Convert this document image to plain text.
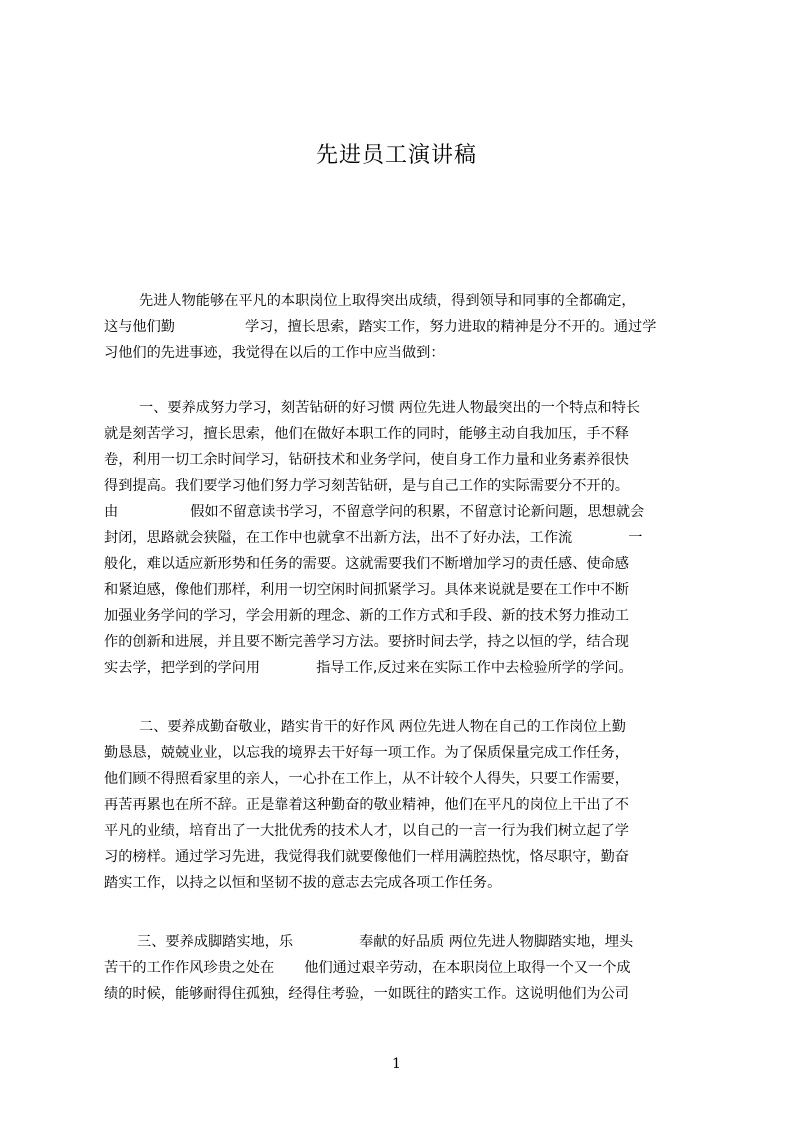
先进员工演讲稿
先进人物能够在平凡的本职岗位上取得突出成绩，得到领导和同事的全都确定，
这与他们勤	学习，擅长思索，踏实工作，努力进取的精神是分不开的。通过学
习他们的先进事迹，我觉得在以后的工作中应当做到：
一、要养成努力学习，刻苦钻研的好习惯 两位先进人物最突出的一个特点和特长
就是刻苦学习，擅长思索，他们在做好本职工作的同时，能够主动自我加压，手不释
卷，利用一切工余时间学习，钻研技术和业务学问，使自身工作力量和业务素养很快
得到提高。我们要学习他们努力学习刻苦钻研，是与自己工作的实际需要分不开的。
由	假如不留意读书学习，不留意学问的积累，不留意讨论新问题，思想就会
封闭，思路就会狭隘，在工作中也就拿不出新方法，出不了好办法，工作流	一
般化，难以适应新形势和任务的需要。这就需要我们不断增加学习的责任感、使命感
和紧迫感，像他们那样，利用一切空闲时间抓紧学习。具体来说就是要在工作中不断
加强业务学问的学习，学会用新的理念、新的工作方式和手段、新的技术努力推动工
作的创新和进展，并且要不断完善学习方法。要挤时间去学，持之以恒的学，结合现
实去学，把学到的学问用	指导工作,反过来在实际工作中去检验所学的学问。
二、要养成勤奋敬业，踏实肯干的好作风 两位先进人物在自己的工作岗位上勤
勤恳恳，兢兢业业，以忘我的境界去干好每一项工作。为了保质保量完成工作任务，
他们顾不得照看家里的亲人，一心扑在工作上，从不计较个人得失，只要工作需要，
再苦再累也在所不辞。正是靠着这种勤奋的敬业精神，他们在平凡的岗位上干出了不
平凡的业绩，培育出了一大批优秀的技术人才，以自己的一言一行为我们树立起了学
习的榜样。通过学习先进，我觉得我们就要像他们一样用满腔热忱，恪尽职守，勤奋
踏实工作，以持之以恒和坚韧不拔的意志去完成各项工作任务。
三、要养成脚踏实地，乐	奉献的好品质 两位先进人物脚踏实地，埋头
苦干的工作作风珍贵之处在 他们通过艰辛劳动，在本职岗位上取得一个又一个成
绩的时候，能够耐得住孤独，经得住考验，一如既往的踏实工作。这说明他们为公司
1
